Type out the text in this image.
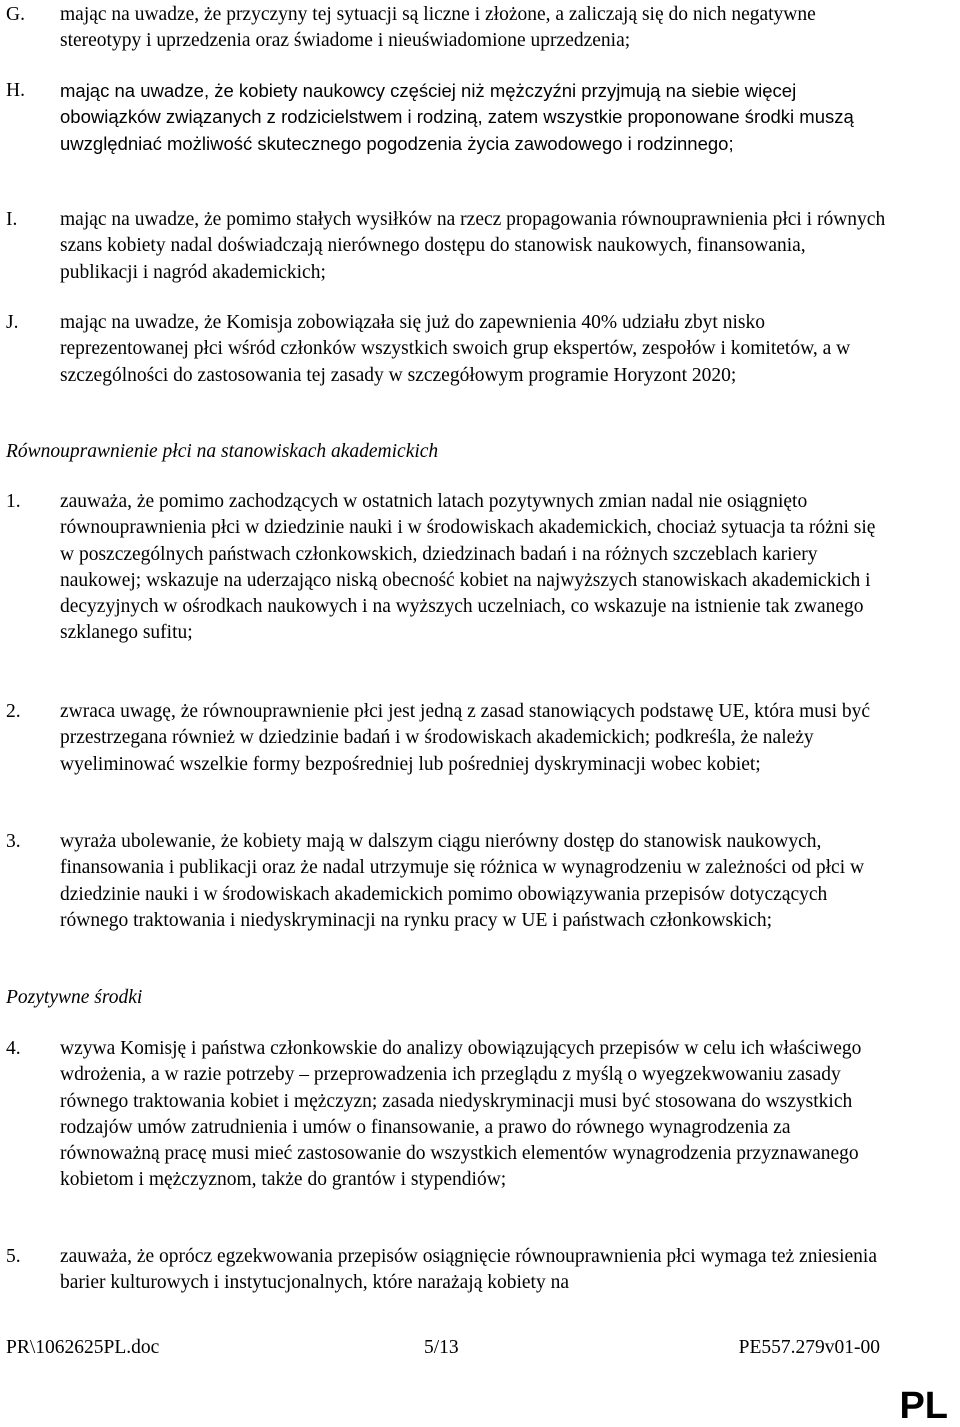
G.	mając na uwadze, że przyczyny tej sytuacji są liczne i złożone, a zaliczają się do nich negatywne stereotypy i uprzedzenia oraz świadome i nieuświadomione uprzedzenia;
H.	mając na uwadze, że kobiety naukowcy częściej niż mężczyźni przyjmują na siebie więcej obowiązków związanych z rodzicielstwem i rodziną, zatem wszystkie proponowane środki muszą uwzględniać możliwość skutecznego pogodzenia życia zawodowego i rodzinnego;
I.	mając na uwadze, że pomimo stałych wysiłków na rzecz propagowania równouprawnienia płci i równych szans kobiety nadal doświadczają nierównego dostępu do stanowisk naukowych, finansowania, publikacji i nagród akademickich;
J.	mając na uwadze, że Komisja zobowiązała się już do zapewnienia 40% udziału zbyt nisko reprezentowanej płci wśród członków wszystkich swoich grup ekspertów, zespołów i komitetów, a w szczególności do zastosowania tej zasady w szczegółowym programie Horyzont 2020;
Równouprawnienie płci na stanowiskach akademickich
1.	zauważa, że pomimo zachodzących w ostatnich latach pozytywnych zmian nadal nie osiągnięto równouprawnienia płci w dziedzinie nauki i w środowiskach akademickich, chociaż sytuacja ta różni się w poszczególnych państwach członkowskich, dziedzinach badań i na różnych szczeblach kariery naukowej; wskazuje na uderzająco niską obecność kobiet na najwyższych stanowiskach akademickich i decyzyjnych w ośrodkach naukowych i na wyższych uczelniach, co wskazuje na istnienie tak zwanego szklanego sufitu;
2.	zwraca uwagę, że równouprawnienie płci jest jedną z zasad stanowiących podstawę UE, która musi być przestrzegana również w dziedzinie badań i w środowiskach akademickich; podkreśla, że należy wyeliminować wszelkie formy bezpośredniej lub pośredniej dyskryminacji wobec kobiet;
3.	wyraża ubolewanie, że kobiety mają w dalszym ciągu nierówny dostęp do stanowisk naukowych, finansowania i publikacji oraz że nadal utrzymuje się różnica w wynagrodzeniu w zależności od płci w dziedzinie nauki i w środowiskach akademickich pomimo obowiązywania przepisów dotyczących równego traktowania i niedyskryminacji na rynku pracy w UE i państwach członkowskich;
Pozytywne środki
4.	wzywa Komisję i państwa członkowskie do analizy obowiązujących przepisów w celu ich właściwego wdrożenia, a w razie potrzeby – przeprowadzenia ich przeglądu z myślą o wyegzekwowaniu zasady równego traktowania kobiet i mężczyzn; zasada niedyskryminacji musi być stosowana do wszystkich rodzajów umów zatrudnienia i umów o finansowanie, a prawo do równego wynagrodzenia za równoważną pracę musi mieć zastosowanie do wszystkich elementów wynagrodzenia przyznawanego kobietom i mężczyznom, także do grantów i stypendiów;
5.	zauważa, że oprócz egzekwowania przepisów osiągnięcie równouprawnienia płci wymaga też zniesienia barier kulturowych i instytucjonalnych, które narażają kobiety na
PR\1062625PL.doc	5/13	PE557.279v01-00
PL
